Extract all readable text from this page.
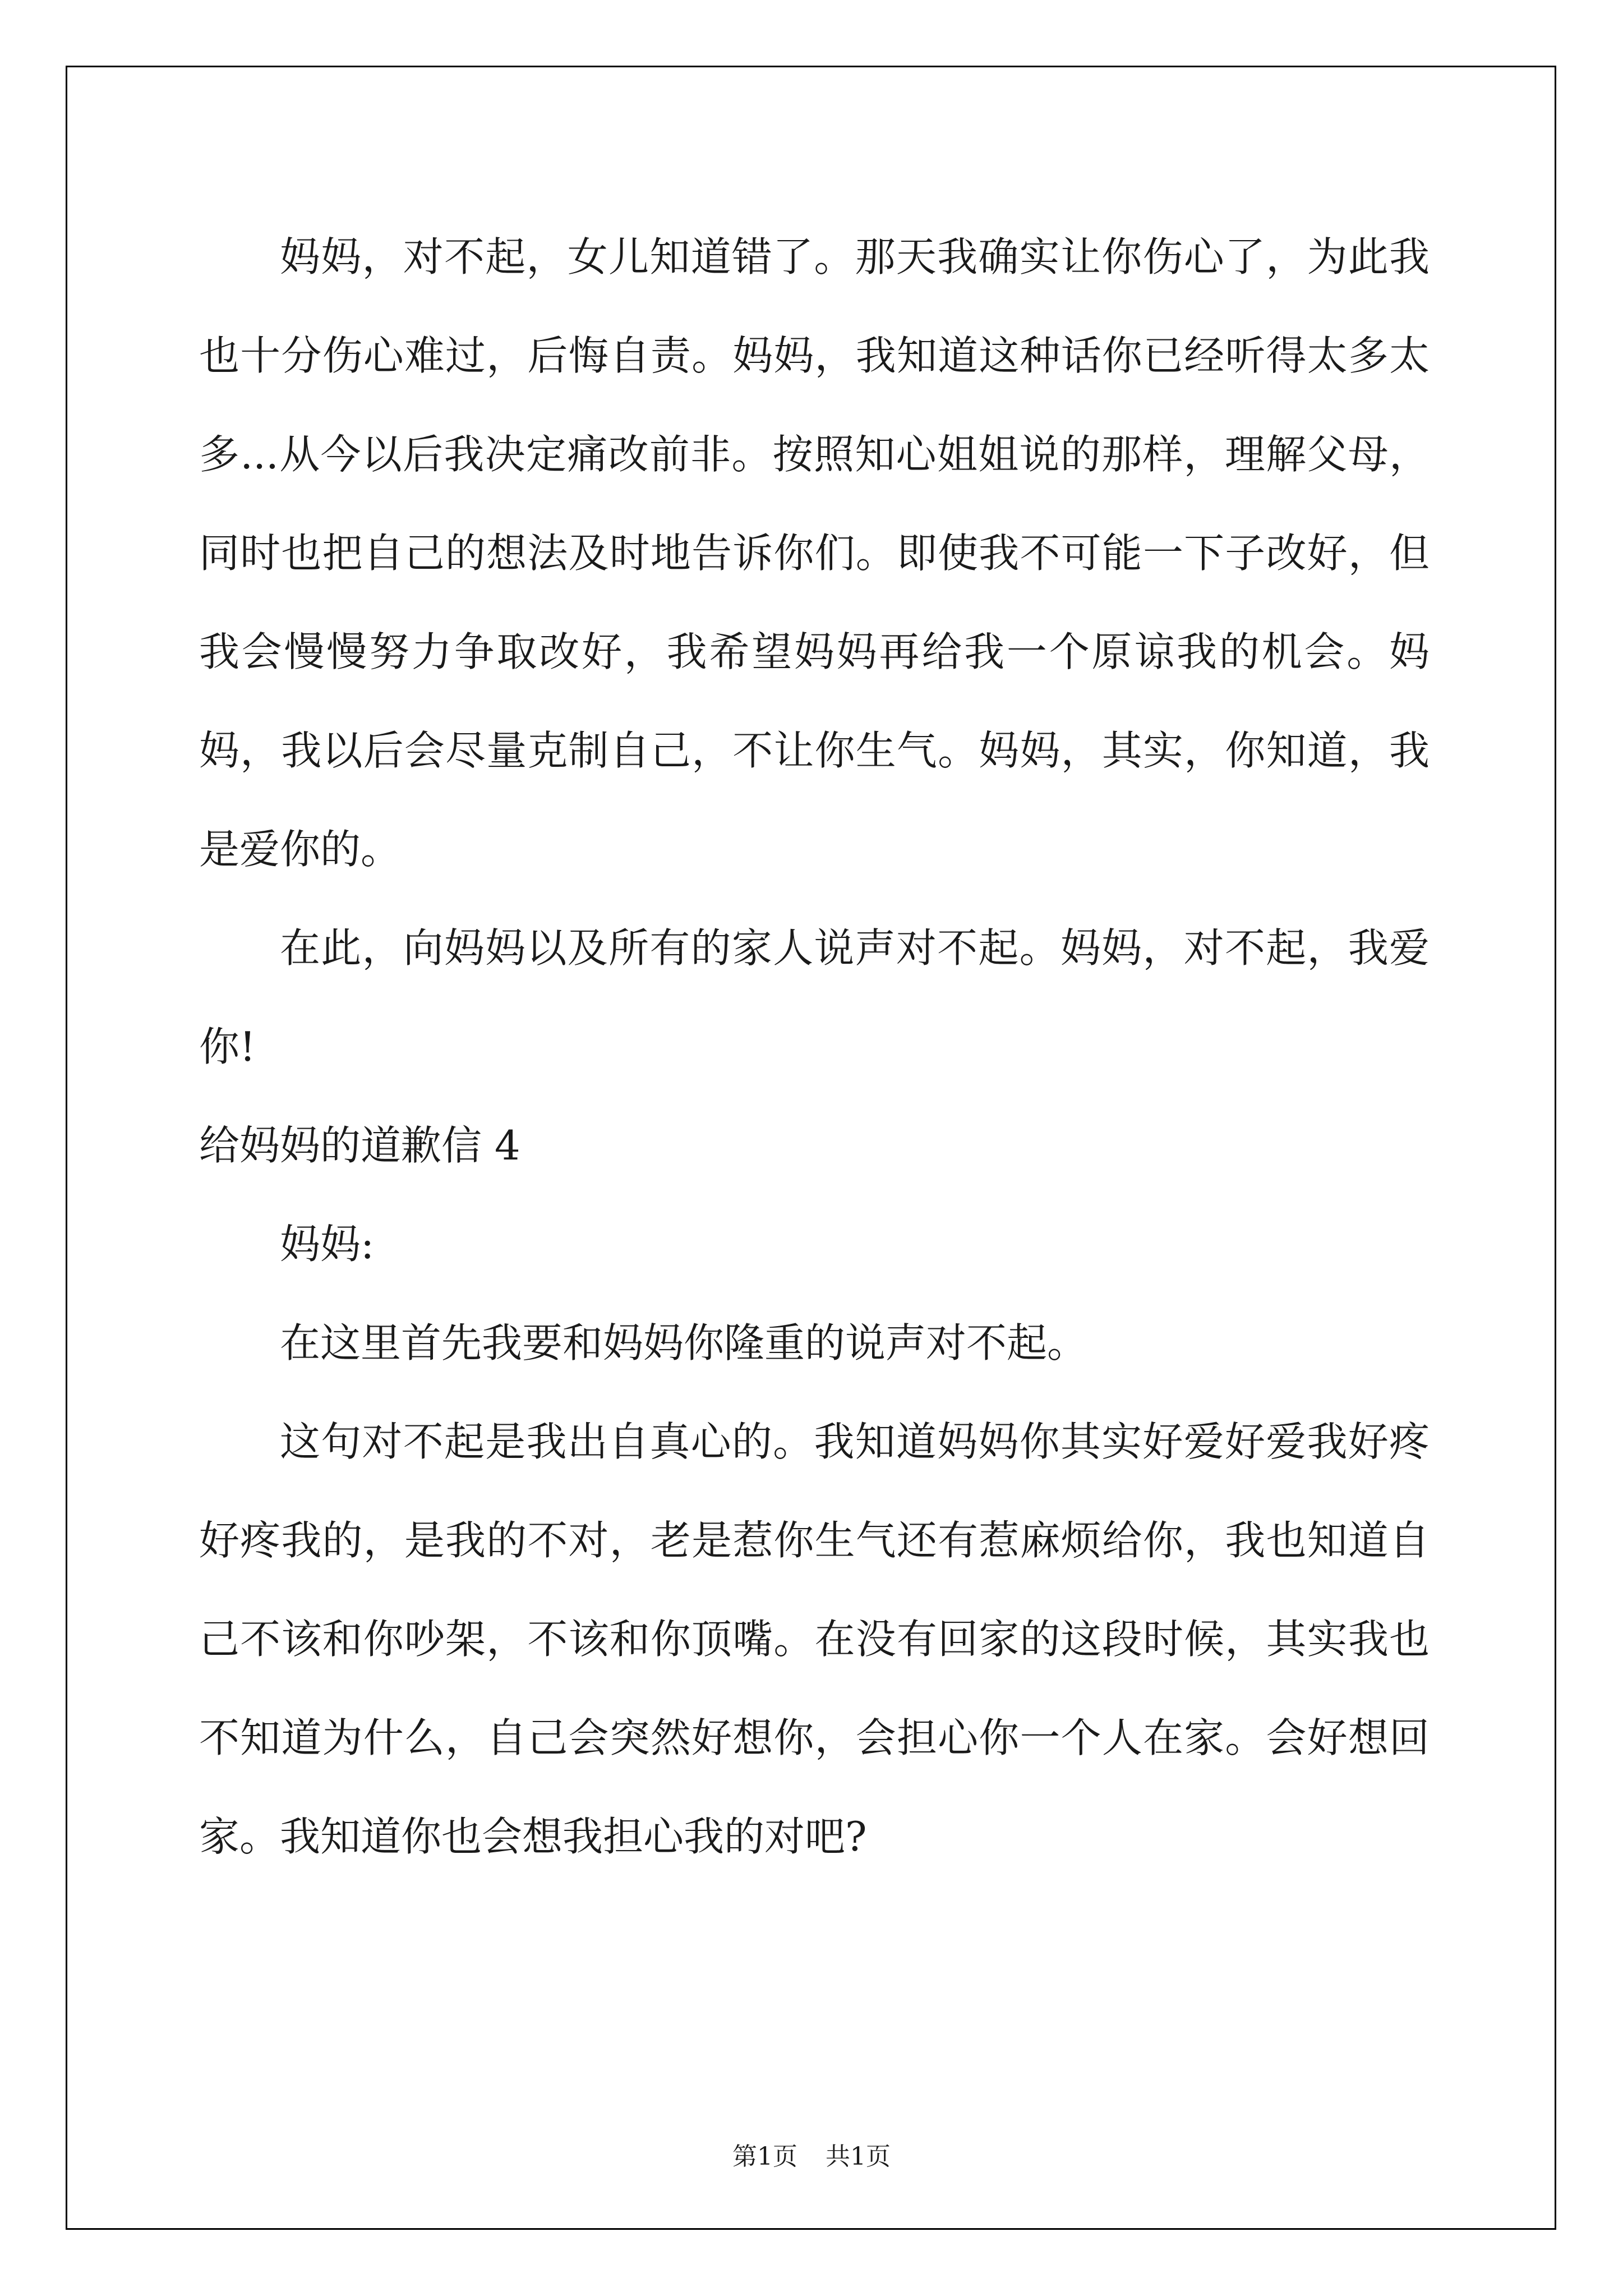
妈妈，对不起，女儿知道错了。那天我确实让你伤心了，为此我也十分伤心难过，后悔自责。妈妈，我知道这种话你已经听得太多太多...从今以后我决定痛改前非。按照知心姐姐说的那样，理解父母，同时也把自己的想法及时地告诉你们。即使我不可能一下子改好，但我会慢慢努力争取改好，我希望妈妈再给我一个原谅我的机会。妈妈，我以后会尽量克制自己，不让你生气。妈妈，其实，你知道，我是爱你的。

在此，向妈妈以及所有的家人说声对不起。妈妈，对不起，我爱你!

给妈妈的道歉信 4

妈妈:

在这里首先我要和妈妈你隆重的说声对不起。

这句对不起是我出自真心的。我知道妈妈你其实好爱好爱我好疼好疼我的，是我的不对，老是惹你生气还有惹麻烦给你，我也知道自己不该和你吵架，不该和你顶嘴。在没有回家的这段时候，其实我也不知道为什么，自己会突然好想你，会担心你一个人在家。会好想回家。我知道你也会想我担心我的对吧?

第1页 共1页
